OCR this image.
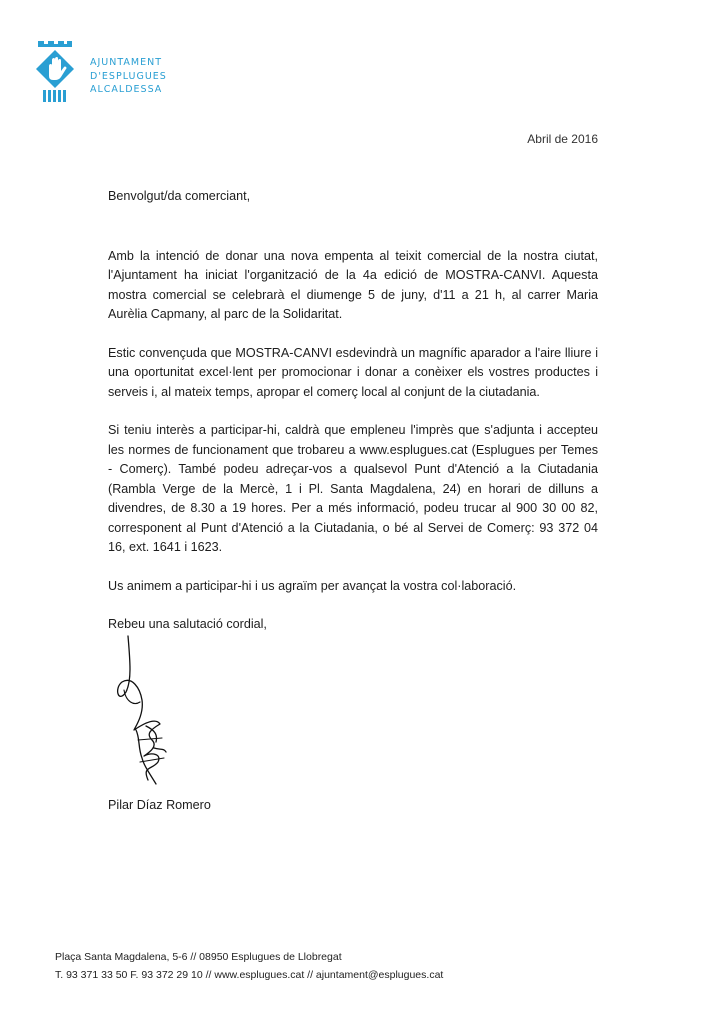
AJUNTAMENT
D'ESPLUGUES
ALCALDESSA
Abril de 2016

Benvolgut/da comerciant,

Amb la intenció de donar una nova empenta al teixit comercial de la nostra ciutat, l'Ajuntament ha iniciat l'organització de la 4a edició de MOSTRA-CANVI. Aquesta mostra comercial se celebrarà el diumenge 5 de juny, d'11 a 21 h, al carrer Maria Aurèlia Capmany, al parc de la Solidaritat.

Estic convençuda que MOSTRA-CANVI esdevindrà un magnífic aparador a l'aire lliure i una oportunitat excel·lent per promocionar i donar a conèixer els vostres productes i serveis i, al mateix temps, apropar el comerç local al conjunt de la ciutadania.

Si teniu interès a participar-hi, caldrà que empleneu l'imprès que s'adjunta i accepteu les normes de funcionament que trobareu a www.esplugues.cat (Esplugues per Temes - Comerç). També podeu adreçar-vos a qualsevol Punt d'Atenció a la Ciutadania (Rambla Verge de la Mercè, 1 i Pl. Santa Magdalena, 24) en horari de dilluns a divendres, de 8.30 a 19 hores. Per a més informació, podeu trucar al 900 30 00 82, corresponent al Punt d'Atenció a la Ciutadania, o bé al Servei de Comerç: 93 372 04 16, ext. 1641 i 1623.

Us animem a participar-hi i us agraïm per avançat la vostra col·laboració.

Rebeu una salutació cordial,

Pilar Díaz Romero
Plaça Santa Magdalena, 5-6 // 08950 Esplugues de Llobregat
T. 93 371 33 50 F. 93 372 29 10 // www.esplugues.cat // ajuntament@esplugues.cat
